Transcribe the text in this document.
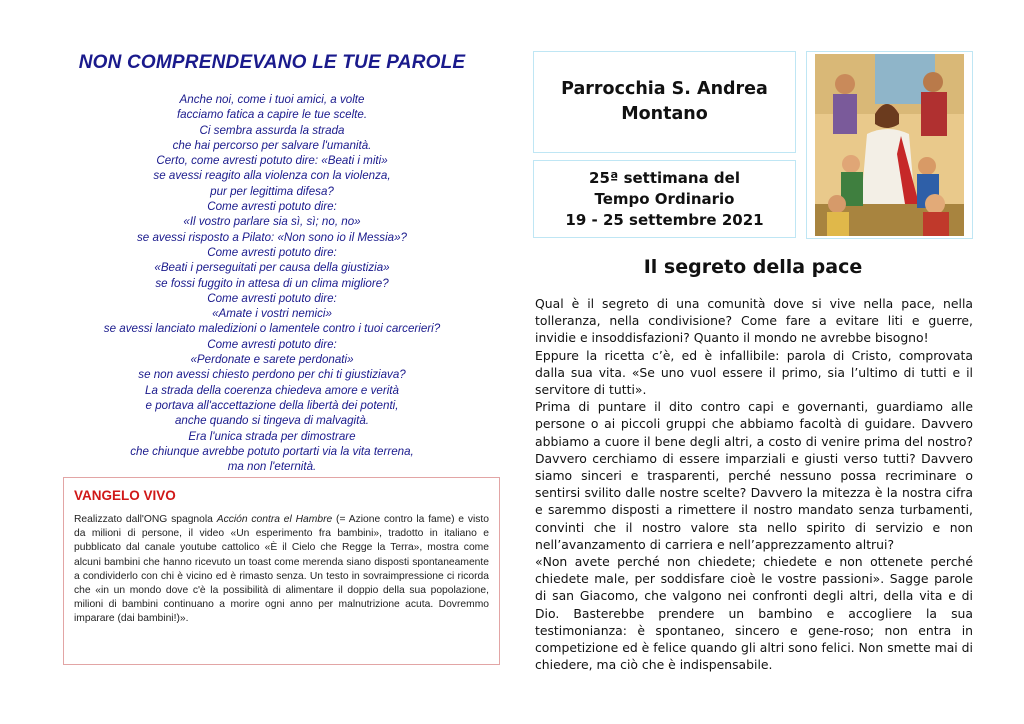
NON COMPRENDEVANO LE TUE PAROLE
Anche noi, come i tuoi amici, a volte
facciamo fatica a capire le tue scelte.
Ci sembra assurda la strada
che hai percorso per salvare l'umanità.
Certo, come avresti potuto dire: «Beati i miti»
se avessi reagito alla violenza con la violenza,
pur per legittima difesa?
Come avresti potuto dire:
«Il vostro parlare sia sì, sì; no, no»
se avessi risposto a Pilato: «Non sono io il Messia»?
Come avresti potuto dire:
«Beati i perseguitati per causa della giustizia»
se fossi fuggito in attesa di un clima migliore?
Come avresti potuto dire:
«Amate i vostri nemici»
se avessi lanciato maledizioni o lamentele contro i tuoi carcerieri?
Come avresti potuto dire:
«Perdonate e sarete perdonati»
se non avessi chiesto perdono per chi ti giustiziava?
La strada della coerenza chiedeva amore e verità
e portava all'accettazione della libertà dei potenti,
anche quando si tingeva di malvagità.
Era l'unica strada per dimostrare
che chiunque avrebbe potuto portarti via la vita terrena,
ma non l'eternità.
VANGELO VIVO
Realizzato dall'ONG spagnola Acción contra el Hambre (= Azione contro la fame) e visto da milioni di persone, il video «Un esperimento fra bambini», tradotto in italiano e pubblicato dal canale youtube cattolico «È il Cielo che Regge la Terra», mostra come alcuni bambini che hanno ricevuto un toast come merenda siano disposti spontaneamente a condividerlo con chi è vicino ed è rimasto senza. Un testo in sovraimpressione ci ricorda che «in un mondo dove c'è la possibilità di alimentare il doppio della sua popolazione, milioni di bambini continuano a morire ogni anno per malnutrizione acuta. Dovremmo imparare (dai bambini!)».
Parrocchia S. Andrea
Montano
25ª settimana del
Tempo Ordinario
19 - 25 settembre 2021
Il segreto della pace

Qual è il segreto di una comunità dove si vive nella pace, nella tolleranza, nella condivisione? Come fare a evitare liti e guerre, invidie e insoddisfazioni? Quanto il mondo ne avrebbe bisogno!

Eppure la ricetta c’è, ed è infallibile: parola di Cristo, comprovata dalla sua vita. «Se uno vuol essere il primo, sia l’ultimo di tutti e il servitore di tutti».

Prima di puntare il dito contro capi e governanti, guardiamo alle persone o ai piccoli gruppi che abbiamo facoltà di guidare. Davvero abbiamo a cuore il bene degli altri, a costo di venire prima del nostro? Davvero cerchiamo di essere imparziali e giusti verso tutti? Davvero siamo sinceri e trasparenti, perché nessuno possa recriminare o sentirsi svilito dalle nostre scelte? Davvero la mitezza è la nostra cifra e saremmo disposti a rimettere il nostro mandato senza turbamenti, convinti che il nostro valore sta nello spirito di servizio e non nell’avanzamento di carriera e nell’apprezzamento altrui?

«Non avete perché non chiedete; chiedete e non ottenete perché chiedete male, per soddisfare cioè le vostre passioni». Sagge parole di san Giacomo, che valgono nei confronti degli altri, della vita e di Dio. Basterebbe prendere un bambino e accogliere la sua testimonianza: è spontaneo, sincero e gene-roso; non entra in competizione ed è felice quando gli altri sono felici. Non smette mai di chiedere, ma ciò che è indispensabile.
